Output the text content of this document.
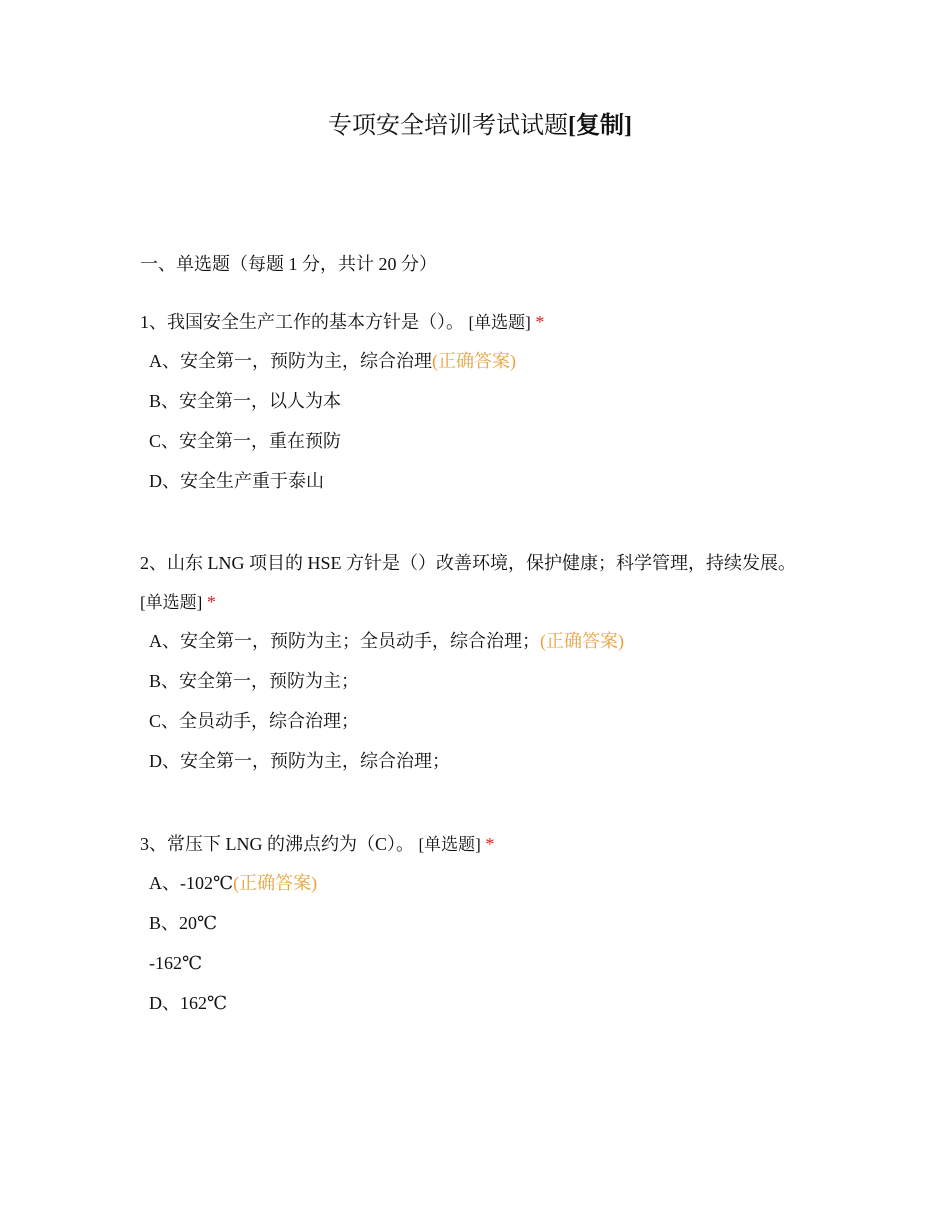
专项安全培训考试试题[复制]
一、单选题（每题 1 分，共计 20 分）

1、我国安全生产工作的基本方针是（）。 [单选题] *

A、安全第一，预防为主，综合治理(正确答案)
B、安全第一，以人为本
C、安全第一，重在预防
D、安全生产重于泰山

2、山东 LNG 项目的 HSE 方针是（）改善环境，保护健康；科学管理，持续发展。 [单选题] *

A、安全第一，预防为主；全员动手，综合治理；(正确答案)
B、安全第一，预防为主；
C、全员动手，综合治理；
D、安全第一，预防为主，综合治理；

3、常压下 LNG 的沸点约为（C）。 [单选题] *

A、-102℃(正确答案)
B、20℃
-162℃
D、162℃
